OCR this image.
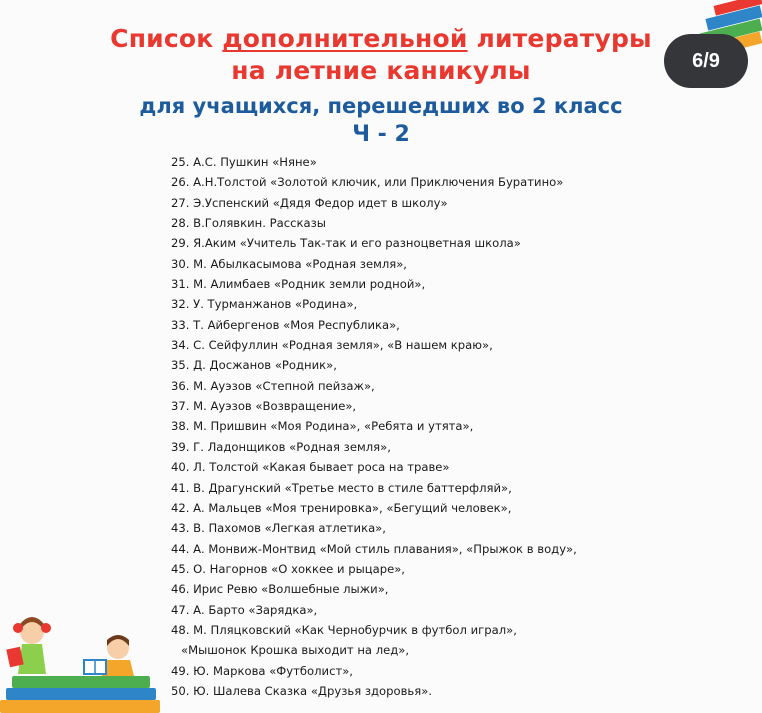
Список дополнительной литературы
на летние каникулы
для учащихся, перешедших во 2 класс
Ч - 2
6/9
25. А.С. Пушкин «Няне»
26. А.Н.Толстой «Золотой ключик, или Приключения Буратино»
27. Э.Успенский «Дядя Федор идет в школу»
28. В.Голявкин. Рассказы
29. Я.Аким «Учитель Так-так и его разноцветная школа»
30. М. Абылкасымова «Родная земля»,
31. М. Алимбаев «Родник земли родной»,
32. У. Турманжанов «Родина»,
33. Т. Айбергенов «Моя Республика»,
34. С. Сейфуллин «Родная земля», «В нашем краю»,
35. Д. Досжанов «Родник»,
36. М. Ауэзов «Степной пейзаж»,
37. М. Ауэзов «Возвращение»,
38. М. Пришвин «Моя Родина», «Ребята и утята»,
39. Г. Ладонщиков «Родная земля»,
40. Л. Толстой «Какая бывает роса на траве»
41. В. Драгунский «Третье место в стиле баттерфляй»,
42. А. Мальцев «Моя тренировка», «Бегущий человек»,
43. В. Пахомов «Легкая атлетика»,
44. А. Монвиж-Монтвид «Мой стиль плавания», «Прыжок в воду»,
45. О. Нагорнов «О хоккее и рыцаре»,
46. Ирис Ревю «Волшебные лыжи»,
47. А. Барто «Зарядка»,
48. М. Пляцковский «Как Чернобурчик в футбол играл»,
«Мышонок Крошка выходит на лед»,
49. Ю. Маркова «Футболист»,
50. Ю. Шалева Сказка «Друзья здоровья».
